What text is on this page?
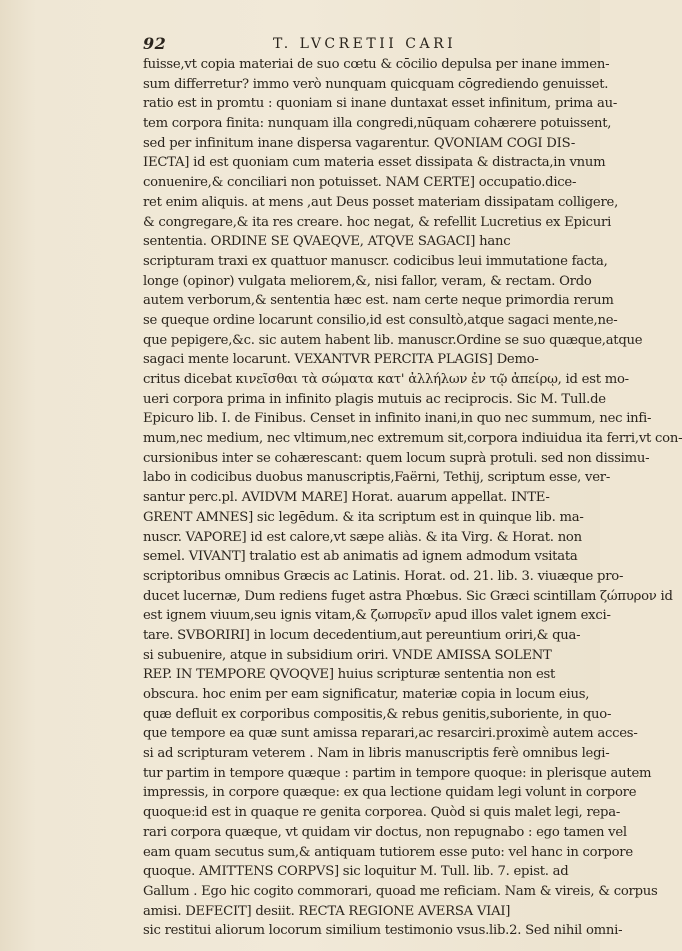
92	T. LVCRETII CARI
fuisse,vt copia materiai de suo cœtu & cōcilio depulsa per inane immen-
sum differretur? immo verò nunquam quicquam cōgrediendo genuisset.
ratio est in promtu : quoniam si inane duntaxat esset infinitum, prima au-
tem corpora finita: nunquam illa congredi,nūquam cohærere potuissent,
sed per infinitum inane dispersa vagarentur. QVONIAM COGI DIS-
IECTA] id est quoniam cum materia esset dissipata & distracta,in vnum
conuenire,& conciliari non potuisset. NAM CERTE] occupatio.dice-
ret enim aliquis. at mens ,aut Deus posset materiam dissipatam colligere,
& congregare,& ita res creare. hoc negat, & refellit Lucretius ex Epicuri
sententia. ORDINE SE QVAEQVE, ATQVE SAGACI] hanc
scripturam traxi ex quattuor manuscr. codicibus leui immutatione facta,
longe (opinor) vulgata meliorem,&, nisi fallor, veram, & rectam. Ordo
autem verborum,& sententia hæc est. nam certe neque primordia rerum
se queque ordine locarunt consilio,id est consultò,atque sagaci mente,ne-
que pepigere,&c. sic autem habent lib. manuscr.Ordine se suo quæque,atque
sagaci mente locarunt. VEXANTVR PERCITA PLAGIS] Demo-
critus dicebat κινεῖσθαι τὰ σώματα κατ' ἀλλήλων ἐν τῷ ἀπείρῳ, id est mo-
ueri corpora prima in infinito plagis mutuis ac reciprocis. Sic M. Tull.de
Epicuro lib. I. de Finibus. Censet in infinito inani,in quo nec summum, nec infi-
mum,nec medium, nec vltimum,nec extremum sit,corpora indiuidua ita ferri,vt con-
cursionibus inter se cohærescant: quem locum suprà protuli. sed non dissimu-
labo in codicibus duobus manuscriptis,Faërni, Tethij, scriptum esse, ver-
santur perc.pl. AVIDVM MARE] Horat. auarum appellat. INTE-
GRENT AMNES] sic legēdum. & ita scriptum est in quinque lib. ma-
nuscr. VAPORE] id est calore,vt sæpe aliàs. & ita Virg. & Horat. non
semel. VIVANT] tralatio est ab animatis ad ignem admodum vsitata
scriptoribus omnibus Græcis ac Latinis. Horat. od. 21. lib. 3. viuæque pro-
ducet lucernæ, Dum rediens fuget astra Phœbus. Sic Græci scintillam ζώπυρον id
est ignem viuum,seu ignis vitam,& ζωπυρεῖν apud illos valet ignem exci-
tare. SVBORIRI] in locum decedentium,aut pereuntium oriri,& qua-
si subuenire, atque in subsidium oriri. VNDE AMISSA SOLENT
REP. IN TEMPORE QVOQVE] huius scripturæ sententia non est
obscura. hoc enim per eam significatur, materiæ copia in locum eius,
quæ defluit ex corporibus compositis,& rebus genitis,suboriente, in quo-
que tempore ea quæ sunt amissa reparari,ac resarciri.proximè autem acces-
si ad scripturam veterem . Nam in libris manuscriptis ferè omnibus legi-
tur partim in tempore quæque : partim in tempore quoque: in plerisque autem
impressis, in corpore quæque: ex qua lectione quidam legi volunt in corpore
quoque:id est in quaque re genita corporea. Quòd si quis malet legi, repa-
rari corpora quæque, vt quidam vir doctus, non repugnabo : ego tamen vel
eam quam secutus sum,& antiquam tutiorem esse puto: vel hanc in corpore
quoque. AMITTENS CORPVS] sic loquitur M. Tull. lib. 7. epist. ad
Gallum . Ego hic cogito commorari, quoad me reficiam. Nam & vireis, & corpus
amisi. DEFECIT] desiit. RECTA REGIONE AVERSA VIAI]
sic restitui aliorum locorum similium testimonio vsus.lib.2. Sed nihil omni-
